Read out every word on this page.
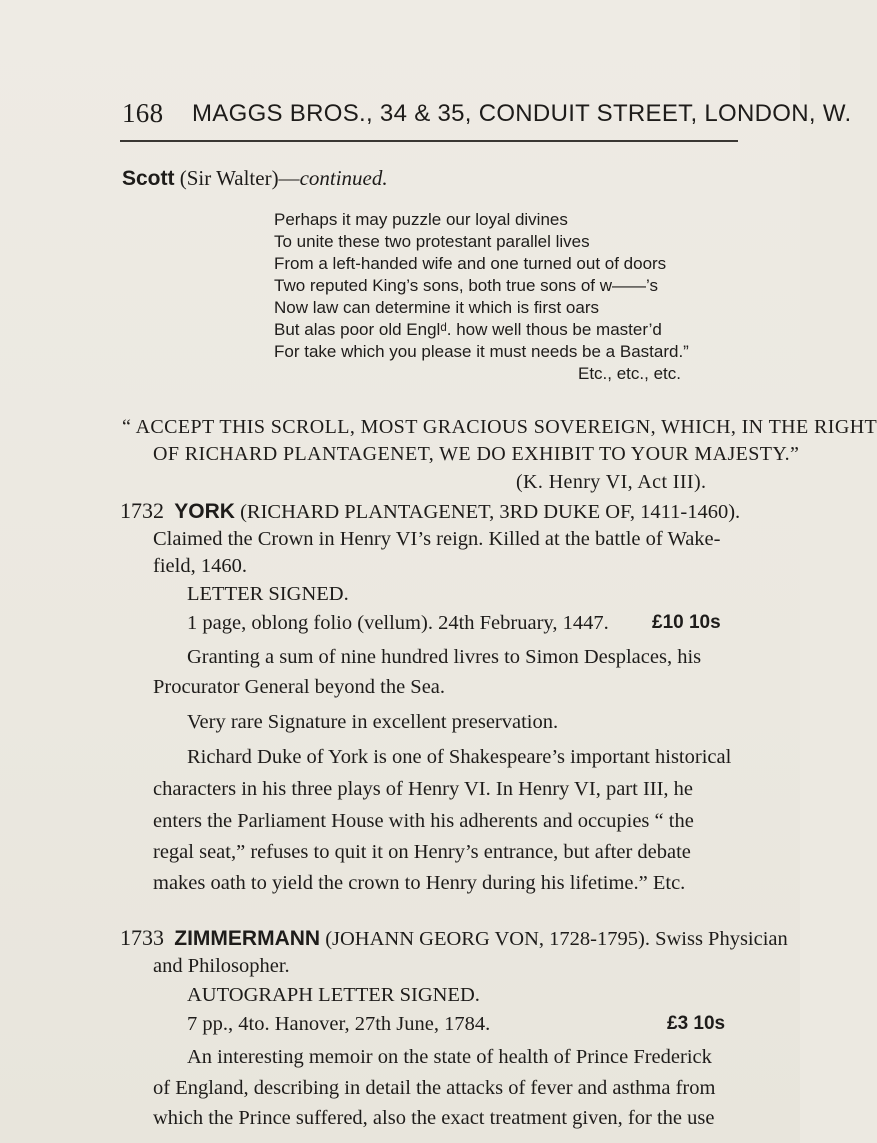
168 MAGGS BROS., 34 & 35, CONDUIT STREET, LONDON, W.
Scott (Sir Walter)—continued.
Perhaps it may puzzle our loyal divines
To unite these two protestant parallel lives
From a left-handed wife and one turned out of doors
Two reputed King’s sons, both true sons of w——’s
Now law can determine it which is first oars
But alas poor old Englᵈ. how well thous be master’d
For take which you please it must needs be a Bastard.”
Etc., etc., etc.
“ ACCEPT THIS SCROLL, MOST GRACIOUS SOVEREIGN, WHICH, IN THE RIGHT
OF RICHARD PLANTAGENET, WE DO EXHIBIT TO YOUR MAJESTY.”
(K. Henry VI, Act III).
1732 YORK (RICHARD PLANTAGENET, 3RD DUKE OF, 1411-1460).
Claimed the Crown in Henry VI’s reign. Killed at the battle of Wake-
field, 1460.
LETTER SIGNED.
1 page, oblong folio (vellum). 24th February, 1447. £10 10s
Granting a sum of nine hundred livres to Simon Desplaces, his
Procurator General beyond the Sea.
Very rare Signature in excellent preservation.
Richard Duke of York is one of Shakespeare’s important historical
characters in his three plays of Henry VI. In Henry VI, part III, he
enters the Parliament House with his adherents and occupies “ the
regal seat,” refuses to quit it on Henry’s entrance, but after debate
makes oath to yield the crown to Henry during his lifetime.” Etc.
1733 ZIMMERMANN (JOHANN GEORG VON, 1728-1795). Swiss Physician
and Philosopher.
AUTOGRAPH LETTER SIGNED.
7 pp., 4to. Hanover, 27th June, 1784.	£3 10s
An interesting memoir on the state of health of Prince Frederick
of England, describing in detail the attacks of fever and asthma from
which the Prince suffered, also the exact treatment given, for the use
